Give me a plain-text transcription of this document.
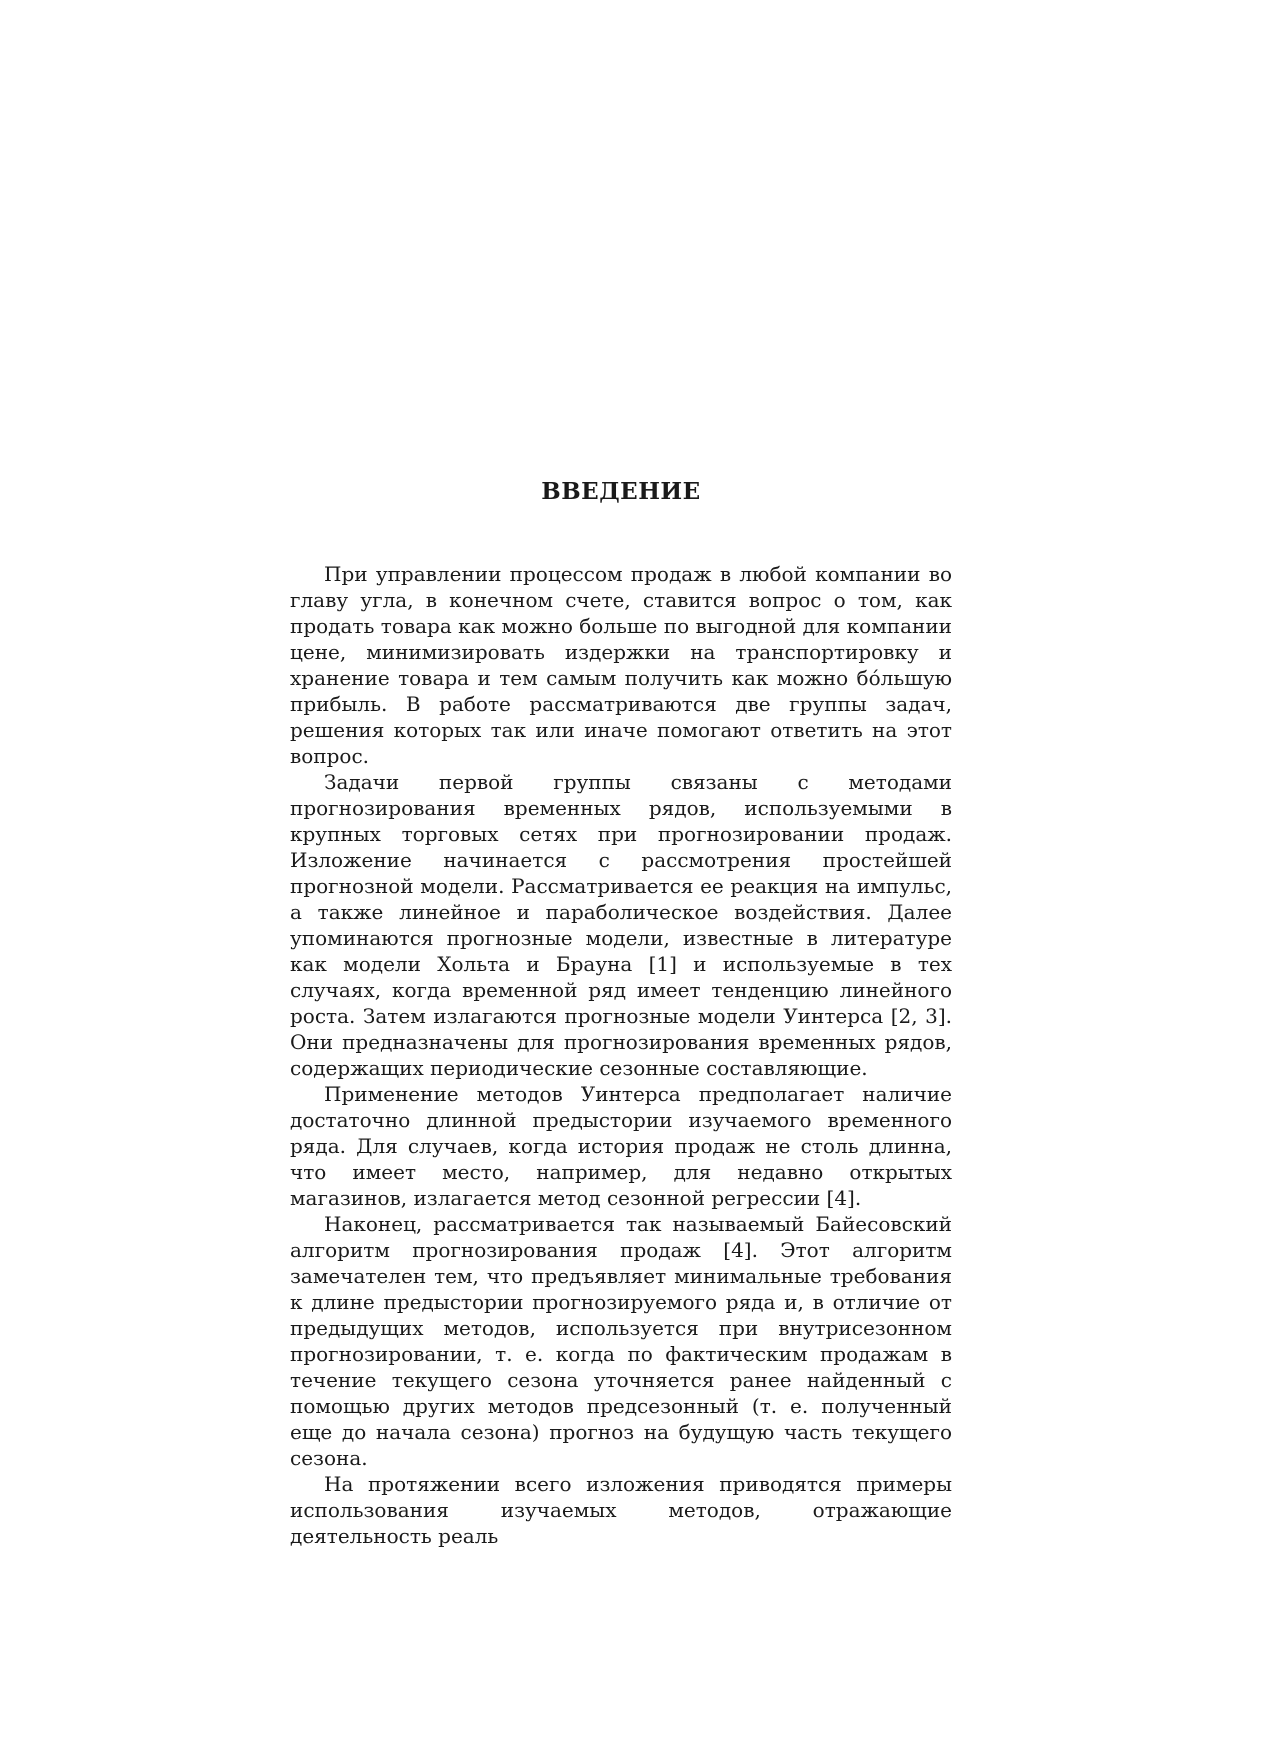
ВВЕДЕНИЕ

При управлении процессом продаж в любой компании во главу угла, в конечном счете, ставится вопрос о том, как продать товара как можно больше по выгодной для компании цене, минимизировать издержки на транспортировку и хранение товара и тем самым получить как можно бо́льшую прибыль. В работе рассматриваются две группы задач, решения которых так или иначе помогают ответить на этот вопрос.

Задачи первой группы связаны с методами прогнозирования временных рядов, используемыми в крупных торговых сетях при прогнозировании продаж. Изложение начинается с рассмотрения простейшей прогнозной модели. Рассматривается ее реакция на импульс, а также линейное и параболическое воздействия. Далее упоминаются прогнозные модели, известные в литературе как модели Хольта и Брауна [1] и используемые в тех случаях, когда временной ряд имеет тенденцию линейного роста. Затем излагаются прогнозные модели Уинтерса [2, 3]. Они предназначены для прогнозирования временных рядов, содержащих периодические сезонные составляющие.

Применение методов Уинтерса предполагает наличие достаточно длинной предыстории изучаемого временного ряда. Для случаев, когда история продаж не столь длинна, что имеет место, например, для недавно открытых магазинов, излагается метод сезонной регрессии [4].

Наконец, рассматривается так называемый Байесовский алгоритм прогнозирования продаж [4]. Этот алгоритм замечателен тем, что предъявляет минимальные требования к длине предыстории прогнозируемого ряда и, в отличие от предыдущих методов, используется при внутрисезонном прогнозировании, т. е. когда по фактическим продажам в течение текущего сезона уточняется ранее найденный с помощью других методов предсезонный (т. е. полученный еще до начала сезона) прогноз на будущую часть текущего сезона.

На протяжении всего изложения приводятся примеры использования изучаемых методов, отражающие деятельность реаль
